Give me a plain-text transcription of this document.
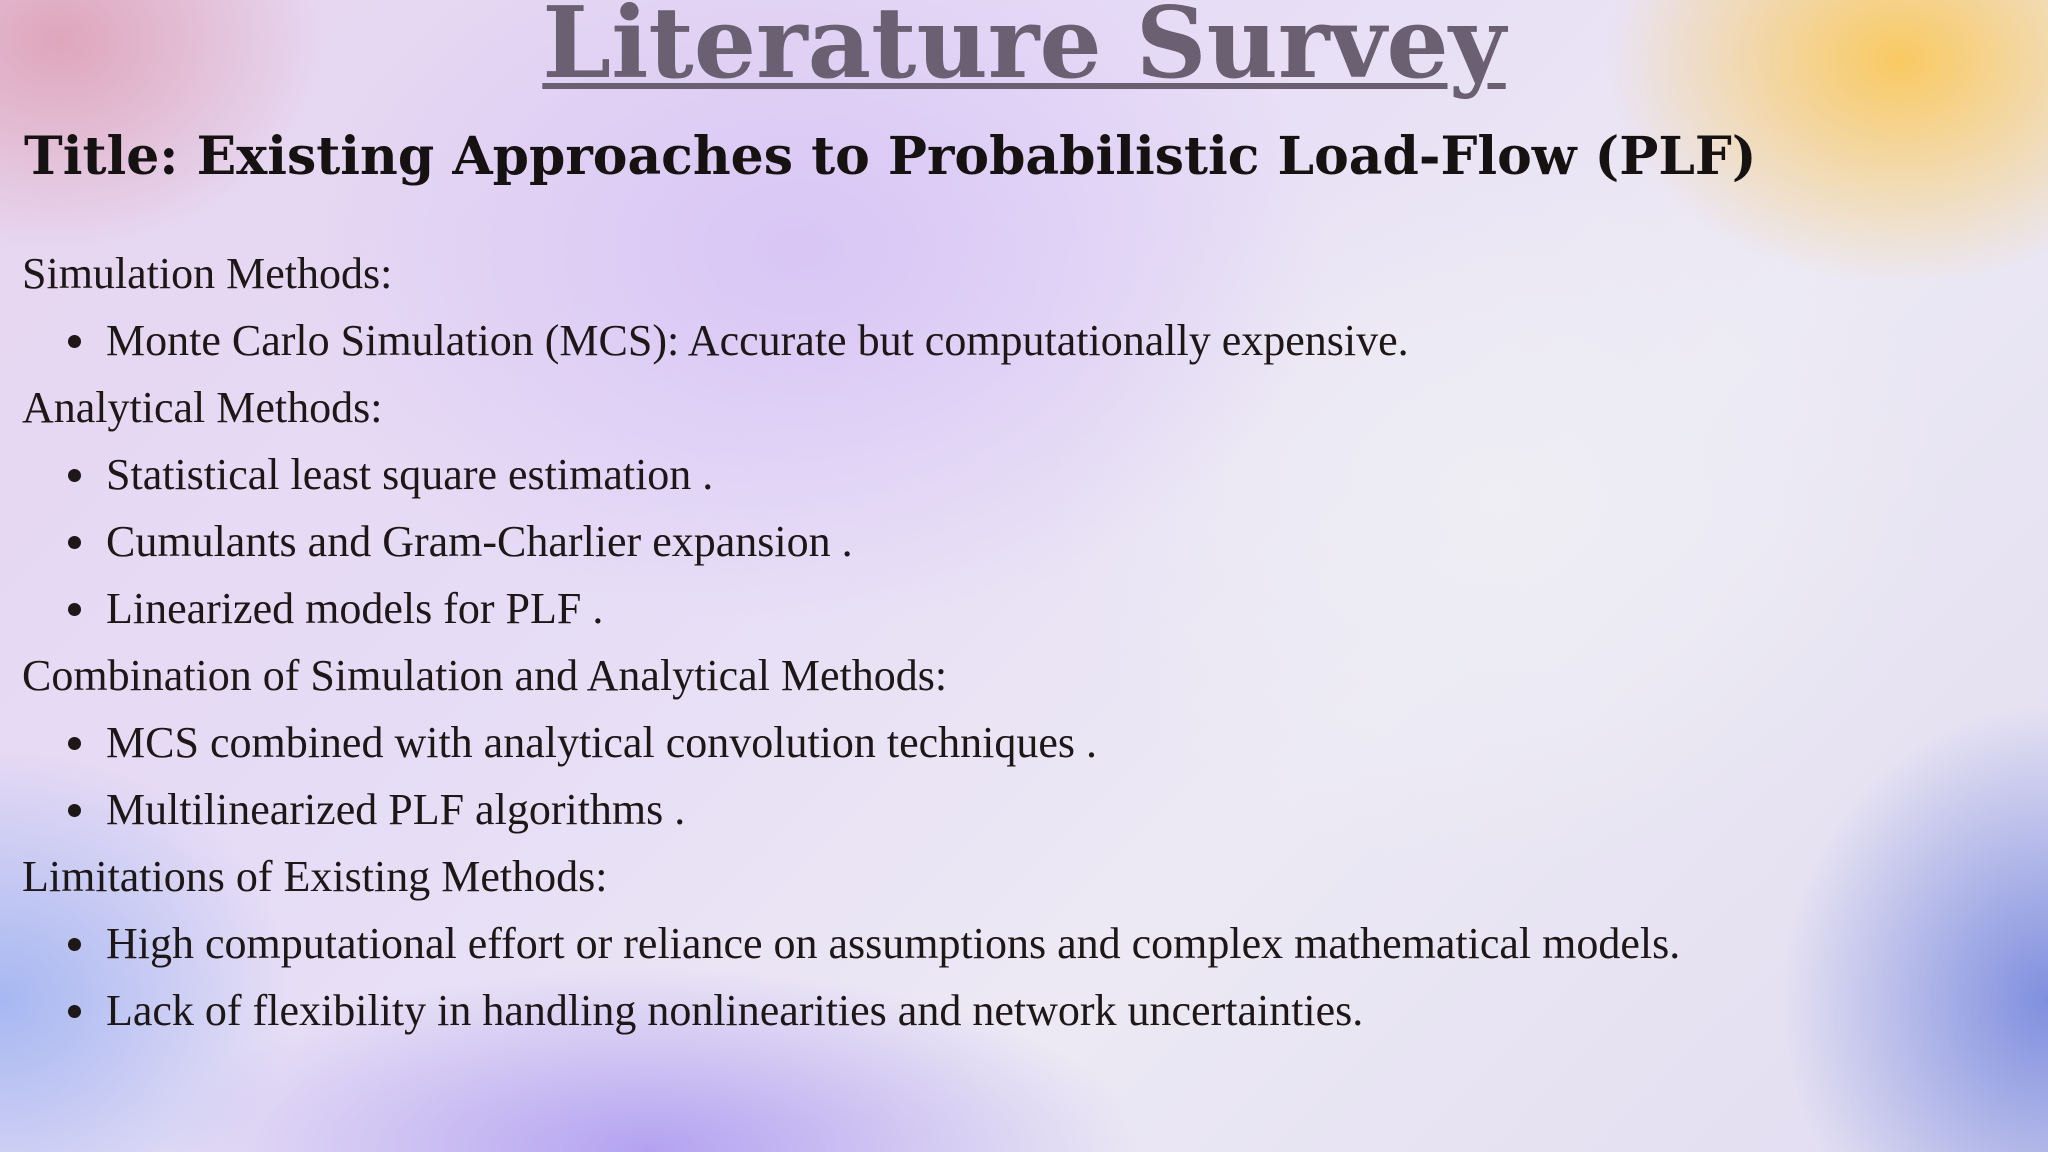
Literature Survey
Title: Existing Approaches to Probabilistic Load-Flow (PLF)

Simulation Methods:

Monte Carlo Simulation (MCS): Accurate but computationally expensive.

Analytical Methods:

Statistical least square estimation .
Cumulants and Gram-Charlier expansion .
Linearized models for PLF .

Combination of Simulation and Analytical Methods:

MCS combined with analytical convolution techniques .
Multilinearized PLF algorithms .

Limitations of Existing Methods:

High computational effort or reliance on assumptions and complex mathematical models.
Lack of flexibility in handling nonlinearities and network uncertainties.
